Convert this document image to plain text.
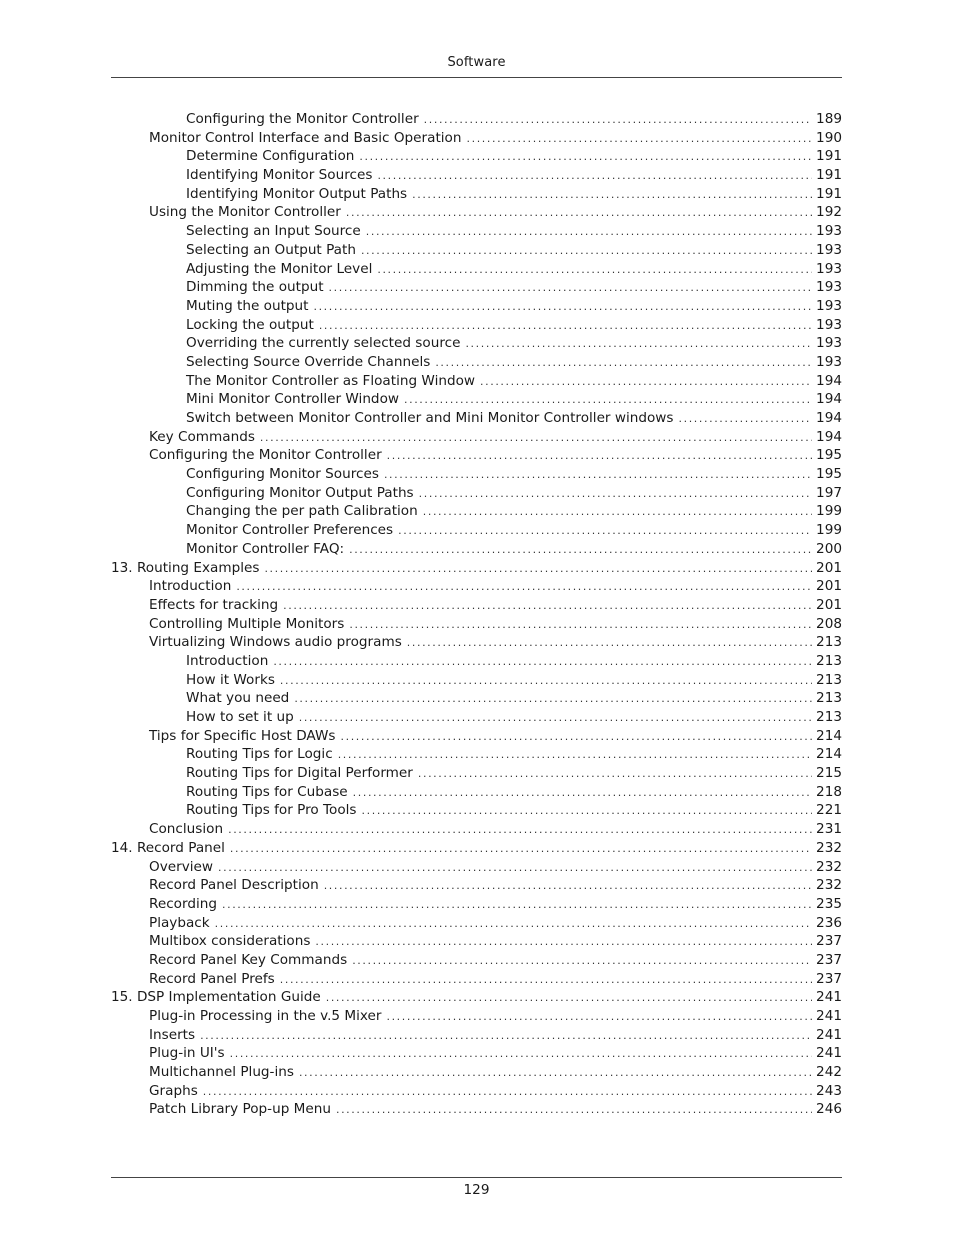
Software
Configuring the Monitor Controller .....	189
Monitor Control Interface and Basic Operation .....	190
Determine Configuration .....	191
Identifying Monitor Sources .....	191
Identifying Monitor Output Paths .....	191
Using the Monitor Controller .....	192
Selecting an Input Source .....	193
Selecting an Output Path .....	193
Adjusting the Monitor Level .....	193
Dimming the output .....	193
Muting the output .....	193
Locking the output .....	193
Overriding the currently selected source .....	193
Selecting Source Override Channels .....	193
The Monitor Controller as Floating Window .....	194
Mini Monitor Controller Window .....	194
Switch between Monitor Controller and Mini Monitor Controller windows .....	194
Key Commands .....	194
Configuring the Monitor Controller .....	195
Configuring Monitor Sources .....	195
Configuring Monitor Output Paths .....	197
Changing the per path Calibration .....	199
Monitor Controller Preferences .....	199
Monitor Controller FAQ: .....	200
13. Routing Examples .....	201
Introduction .....	201
Effects for tracking .....	201
Controlling Multiple Monitors .....	208
Virtualizing Windows audio programs .....	213
Introduction .....	213
How it Works .....	213
What you need .....	213
How to set it up .....	213
Tips for Specific Host DAWs .....	214
Routing Tips for Logic .....	214
Routing Tips for Digital Performer .....	215
Routing Tips for Cubase .....	218
Routing Tips for Pro Tools .....	221
Conclusion .....	231
14. Record Panel .....	232
Overview .....	232
Record Panel Description .....	232
Recording .....	235
Playback .....	236
Multibox considerations .....	237
Record Panel Key Commands .....	237
Record Panel Prefs .....	237
15. DSP Implementation Guide .....	241
Plug-in Processing in the v.5 Mixer .....	241
Inserts .....	241
Plug-in UI's .....	241
Multichannel Plug-ins .....	242
Graphs .....	243
Patch Library Pop-up Menu .....	246
129
